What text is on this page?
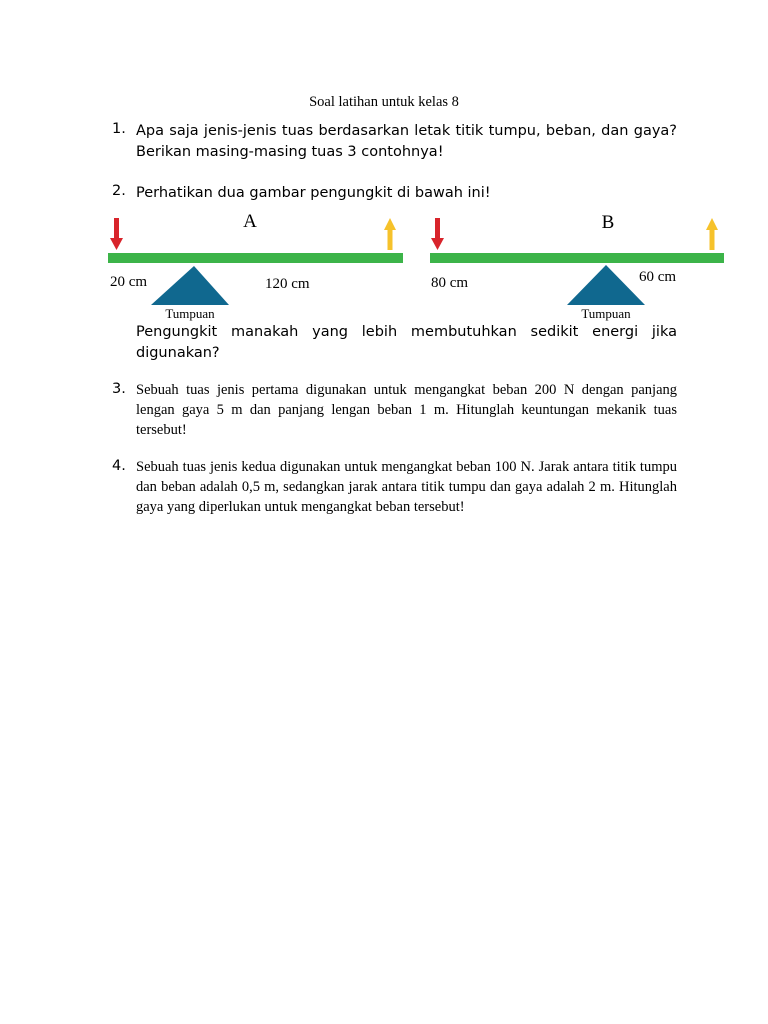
Soal latihan untuk kelas 8
1. Apa saja jenis-jenis tuas berdasarkan letak titik tumpu, beban, dan gaya? Berikan masing-masing tuas 3 contohnya!
2. Perhatikan dua gambar pengungkit di bawah ini!
A
20 cm	120 cm
Tumpuan
B
80 cm	60 cm
Tumpuan
Pengungkit manakah yang lebih membutuhkan sedikit energi jika digunakan?
3. Sebuah tuas jenis pertama digunakan untuk mengangkat beban 200 N dengan panjang lengan gaya 5 m dan panjang lengan beban 1 m. Hitunglah keuntungan mekanik tuas tersebut!
4. Sebuah tuas jenis kedua digunakan untuk mengangkat beban 100 N. Jarak antara titik tumpu dan beban adalah 0,5 m, sedangkan jarak antara titik tumpu dan gaya adalah 2 m. Hitunglah gaya yang diperlukan untuk mengangkat beban tersebut!
